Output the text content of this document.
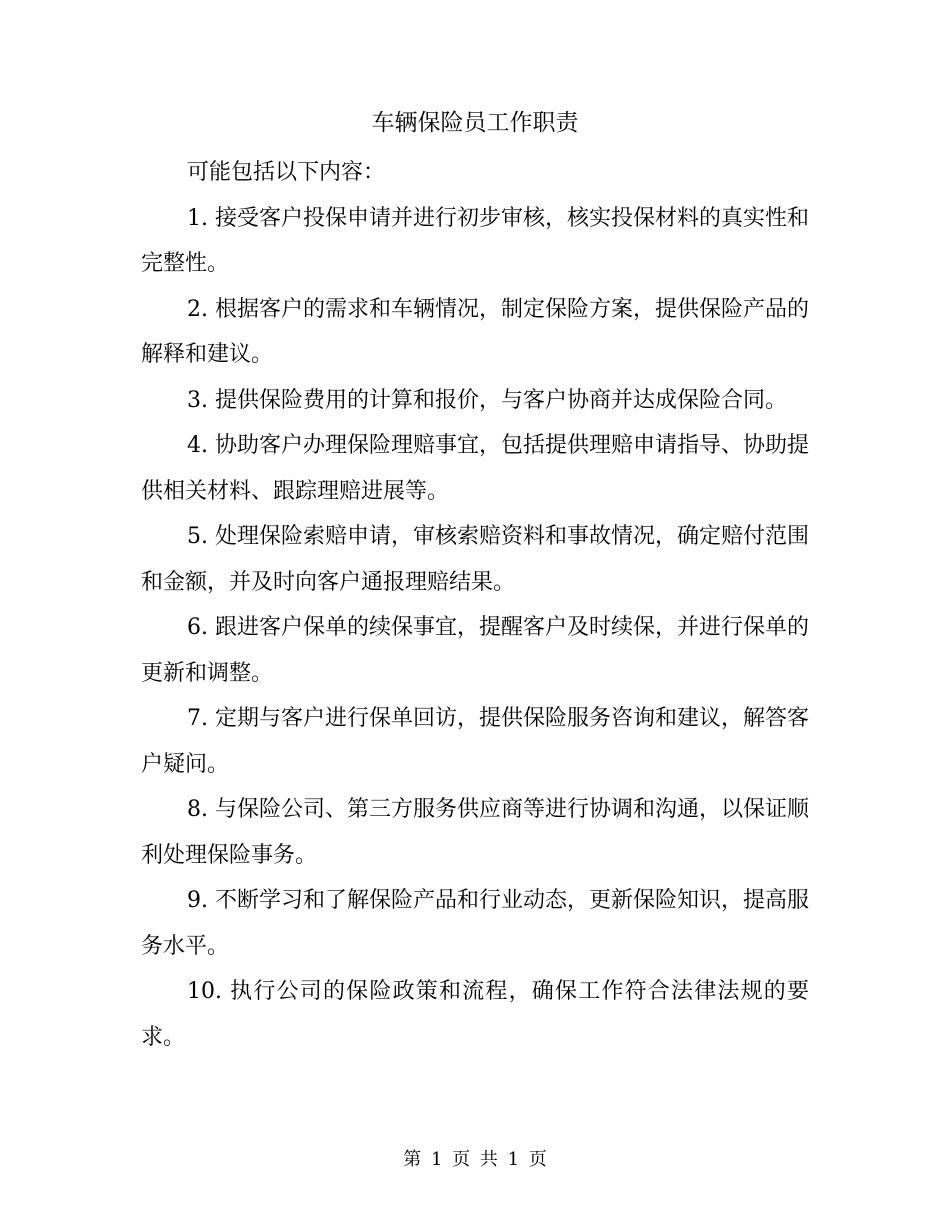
车辆保险员工作职责

可能包括以下内容：

1. 接受客户投保申请并进行初步审核，核实投保材料的真实性和完整性。

2. 根据客户的需求和车辆情况，制定保险方案，提供保险产品的解释和建议。

3. 提供保险费用的计算和报价，与客户协商并达成保险合同。

4. 协助客户办理保险理赔事宜，包括提供理赔申请指导、协助提供相关材料、跟踪理赔进展等。

5. 处理保险索赔申请，审核索赔资料和事故情况，确定赔付范围和金额，并及时向客户通报理赔结果。

6. 跟进客户保单的续保事宜，提醒客户及时续保，并进行保单的更新和调整。

7. 定期与客户进行保单回访，提供保险服务咨询和建议，解答客户疑问。

8. 与保险公司、第三方服务供应商等进行协调和沟通，以保证顺利处理保险事务。

9. 不断学习和了解保险产品和行业动态，更新保险知识，提高服务水平。

10. 执行公司的保险政策和流程，确保工作符合法律法规的要求。

第 1 页 共 1 页
